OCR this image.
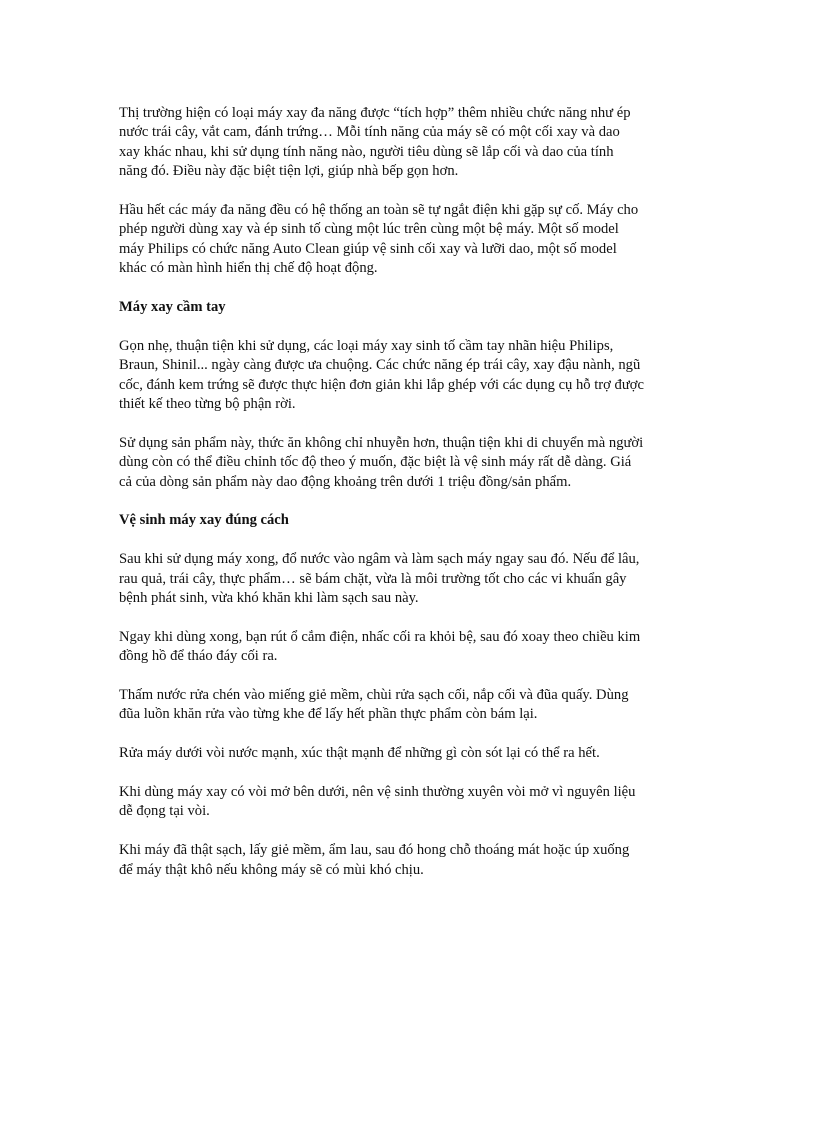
Thị trường hiện có loại máy xay đa năng được “tích hợp” thêm nhiều chức năng như ép
nước trái cây, vắt cam, đánh trứng… Mỗi tính năng của máy sẽ có một cối xay và dao
xay khác nhau, khi sử dụng tính năng nào, người tiêu dùng sẽ lắp cối và dao của tính
năng đó. Điều này đặc biệt tiện lợi, giúp nhà bếp gọn hơn.
Hầu hết các máy đa năng đều có hệ thống an toàn sẽ tự ngắt điện khi gặp sự cố. Máy cho
phép người dùng xay và ép sinh tố cùng một lúc trên cùng một bệ máy. Một số model
máy Philips có chức năng Auto Clean giúp vệ sinh cối xay và lưỡi dao, một số model
khác có màn hình hiển thị chế độ hoạt động.
Máy xay cầm tay
Gọn nhẹ, thuận tiện khi sử dụng, các loại máy xay sinh tố cầm tay nhãn hiệu Philips,
Braun, Shinil... ngày càng được ưa chuộng. Các chức năng ép trái cây, xay đậu nành, ngũ
cốc, đánh kem trứng sẽ được thực hiện đơn giản khi lắp ghép với các dụng cụ hỗ trợ được
thiết kế theo từng bộ phận rời.
Sử dụng sản phẩm này, thức ăn không chỉ nhuyễn hơn, thuận tiện khi di chuyển mà người
dùng còn có thể điều chỉnh tốc độ theo ý muốn, đặc biệt là vệ sinh máy rất dễ dàng. Giá
cả của dòng sản phẩm này dao động khoảng trên dưới 1 triệu đồng/sản phẩm.
Vệ sinh máy xay đúng cách
Sau khi sử dụng máy xong, đổ nước vào ngâm và làm sạch máy ngay sau đó. Nếu để lâu,
rau quả, trái cây, thực phẩm… sẽ bám chặt, vừa là môi trường tốt cho các vi khuẩn gây
bệnh phát sinh, vừa khó khăn khi làm sạch sau này.
Ngay khi dùng xong, bạn rút ổ cắm điện, nhấc cối ra khỏi bệ, sau đó xoay theo chiều kim
đồng hồ để tháo đáy cối ra.
Thấm nước rửa chén vào miếng giẻ mềm, chùi rửa sạch cối, nắp cối và đũa quấy. Dùng
đũa luồn khăn rửa vào từng khe để lấy hết phần thực phẩm còn bám lại.
Rửa máy dưới vòi nước mạnh, xúc thật mạnh để những gì còn sót lại có thể ra hết.
Khi dùng máy xay có vòi mở bên dưới, nên vệ sinh thường xuyên vòi mở vì nguyên liệu
dễ đọng tại vòi.
Khi máy đã thật sạch, lấy giẻ mềm, ẩm lau, sau đó hong chỗ thoáng mát hoặc úp xuống
để máy thật khô nếu không máy sẽ có mùi khó chịu.
